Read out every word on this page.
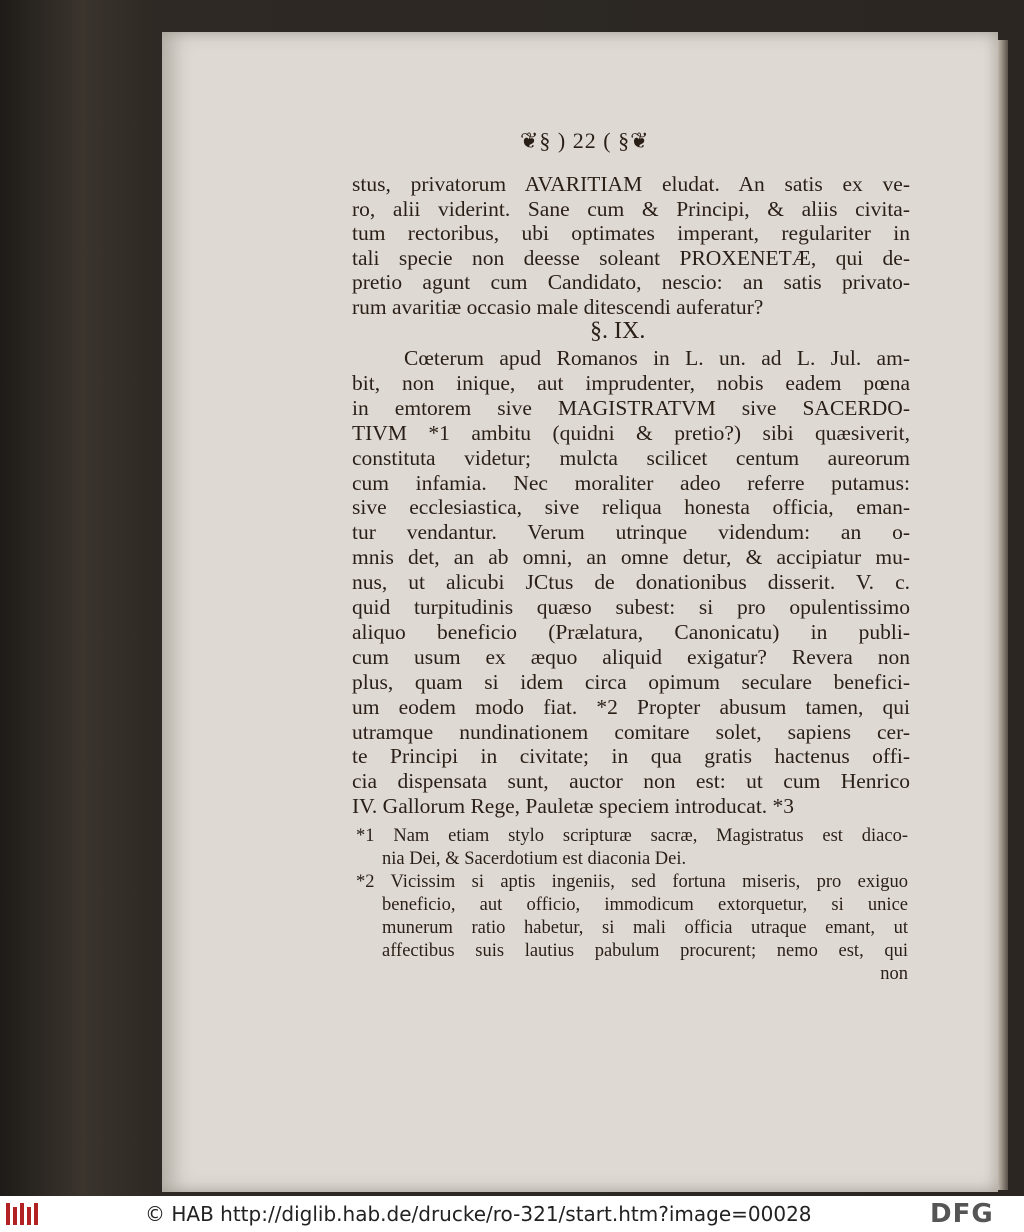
❦§ ) 22 ( §❦
stus, privatorum AVARITIAM eludat. An satis ex ve-
ro, alii viderint. Sane cum & Principi, & aliis civita-
tum rectoribus, ubi optimates imperant, regulariter in
tali specie non deesse soleant PROXENETÆ, qui de-
pretio agunt cum Candidato, nescio: an satis privato-
rum avaritiæ occasio male ditescendi auferatur?
§. IX.
Cœterum apud Romanos in L. un. ad L. Jul. am-
bit, non inique, aut imprudenter, nobis eadem pœna
in emtorem sive MAGISTRATVM sive SACERDO-
TIVM *1 ambitu (quidni & pretio?) sibi quæsiverit,
constituta videtur; mulcta scilicet centum aureorum
cum infamia. Nec moraliter adeo referre putamus:
sive ecclesiastica, sive reliqua honesta officia, eman-
tur vendantur. Verum utrinque videndum: an o-
mnis det, an ab omni, an omne detur, & accipiatur mu-
nus, ut alicubi JCtus de donationibus disserit. V. c.
quid turpitudinis quæso subest: si pro opulentissimo
aliquo beneficio (Prælatura, Canonicatu) in publi-
cum usum ex æquo aliquid exigatur? Revera non
plus, quam si idem circa opimum seculare benefici-
um eodem modo fiat. *2 Propter abusum tamen, qui
utramque nundinationem comitare solet, sapiens cer-
te Principi in civitate; in qua gratis hactenus offi-
cia dispensata sunt, auctor non est: ut cum Henrico
IV. Gallorum Rege, Pauletæ speciem introducat. *3
*1 Nam etiam stylo scripturæ sacræ, Magistratus est diaco-
nia Dei, & Sacerdotium est diaconia Dei.
*2 Vicissim si aptis ingeniis, sed fortuna miseris, pro exiguo
beneficio, aut officio, immodicum extorquetur, si unice
munerum ratio habetur, si mali officia utraque emant, ut
affectibus suis lautius pabulum procurent; nemo est, qui
non
© HAB http://diglib.hab.de/drucke/ro-321/start.htm?image=00028	DFG
